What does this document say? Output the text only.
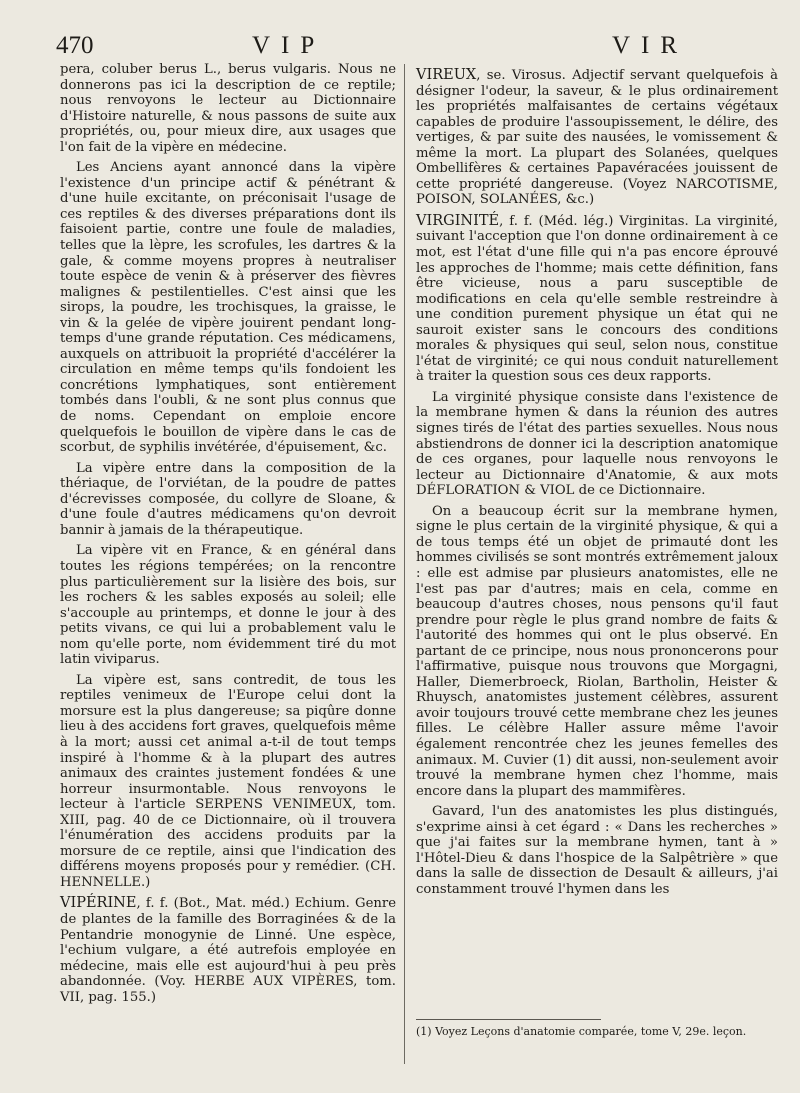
470	VIP	VIR

pera, coluber berus L., berus vulgaris. Nous ne donnerons pas ici la description de ce reptile; nous renvoyons le lecteur au Dictionnaire d'Histoire naturelle, & nous passons de suite aux propriétés, ou, pour mieux dire, aux usages que l'on fait de la vipère en médecine.

Les Anciens ayant annoncé dans la vipère l'existence d'un principe actif & pénétrant & d'une huile excitante, on préconisait l'usage de ces reptiles & des diverses préparations dont ils faisoient partie, contre une foule de maladies, telles que la lèpre, les scrofules, les dartres & la gale, & comme moyens propres à neutraliser toute espèce de venin & à préserver des fièvres malignes & pestilentielles. C'est ainsi que les sirops, la poudre, les trochisques, la graisse, le vin & la gelée de vipère jouirent pendant long-temps d'une grande réputation. Ces médicamens, auxquels on attribuoit la propriété d'accélérer la circulation en même temps qu'ils fondoient les concrétions lymphatiques, sont entièrement tombés dans l'oubli, & ne sont plus connus que de noms. Cependant on emploie encore quelquefois le bouillon de vipère dans le cas de scorbut, de syphilis invétérée, d'épuisement, &c.

La vipère entre dans la composition de la thériaque, de l'orviétan, de la poudre de pattes d'écrevisses composée, du collyre de Sloane, & d'une foule d'autres médicamens qu'on devroit bannir à jamais de la thérapeutique.

La vipère vit en France, & en général dans toutes les régions tempérées; on la rencontre plus particulièrement sur la lisière des bois, sur les rochers & les sables exposés au soleil; elle s'accouple au printemps, et donne le jour à des petits vivans, ce qui lui a probablement valu le nom qu'elle porte, nom évidemment tiré du mot latin viviparus.

La vipère est, sans contredit, de tous les reptiles venimeux de l'Europe celui dont la morsure est la plus dangereuse; sa piqûre donne lieu à des accidens fort graves, quelquefois même à la mort; aussi cet animal a-t-il de tout temps inspiré à l'homme & à la plupart des autres animaux des craintes justement fondées & une horreur insurmontable. Nous renvoyons le lecteur à l'article SERPENS VENIMEUX, tom. XIII, pag. 40 de ce Dictionnaire, où il trouvera l'énumération des accidens produits par la morsure de ce reptile, ainsi que l'indication des différens moyens proposés pour y remédier. (CH. HENNELLE.)

VIPÉRINE, f. f. (Bot., Mat. méd.) Echium. Genre de plantes de la famille des Borraginées & de la Pentandrie monogynie de Linné. Une espèce, l'echium vulgare, a été autrefois employée en médecine, mais elle est aujourd'hui à peu près abandonnée. (Voy. HERBE AUX VIPÈRES, tom. VII, pag. 155.)

VIREUX, se. Virosus. Adjectif servant quelquefois à désigner l'odeur, la saveur, & le plus ordinairement les propriétés malfaisantes de certains végétaux capables de produire l'assoupissement, le délire, des vertiges, & par suite des nausées, le vomissement & même la mort. La plupart des Solanées, quelques Ombellifères & certaines Papavéracées jouissent de cette propriété dangereuse. (Voyez NARCOTISME, POISON, SOLANÉES, &c.)

VIRGINITÉ, f. f. (Méd. lég.) Virginitas. La virginité, suivant l'acception que l'on donne ordinairement à ce mot, est l'état d'une fille qui n'a pas encore éprouvé les approches de l'homme; mais cette définition, fans être vicieuse, nous a paru susceptible de modifications en cela qu'elle semble restreindre à une condition purement physique un état qui ne sauroit exister sans le concours des conditions morales & physiques qui seul, selon nous, constitue l'état de virginité; ce qui nous conduit naturellement à traiter la question sous ces deux rapports.

La virginité physique consiste dans l'existence de la membrane hymen & dans la réunion des autres signes tirés de l'état des parties sexuelles. Nous nous abstiendrons de donner ici la description anatomique de ces organes, pour laquelle nous renvoyons le lecteur au Dictionnaire d'Anatomie, & aux mots DÉFLORATION & VIOL de ce Dictionnaire.

On a beaucoup écrit sur la membrane hymen, signe le plus certain de la virginité physique, & qui a de tous temps été un objet de primauté dont les hommes civilisés se sont montrés extrêmement jaloux : elle est admise par plusieurs anatomistes, elle ne l'est pas par d'autres; mais en cela, comme en beaucoup d'autres choses, nous pensons qu'il faut prendre pour règle le plus grand nombre de faits & l'autorité des hommes qui ont le plus observé. En partant de ce principe, nous nous prononcerons pour l'affirmative, puisque nous trouvons que Morgagni, Haller, Diemerbroeck, Riolan, Bartholin, Heister & Rhuysch, anatomistes justement célèbres, assurent avoir toujours trouvé cette membrane chez les jeunes filles. Le célèbre Haller assure même l'avoir également rencontrée chez les jeunes femelles des animaux. M. Cuvier (1) dit aussi, non-seulement avoir trouvé la membrane hymen chez l'homme, mais encore dans la plupart des mammifères.

Gavard, l'un des anatomistes les plus distingués, s'exprime ainsi à cet égard : « Dans les recherches » que j'ai faites sur la membrane hymen, tant à » l'Hôtel-Dieu & dans l'hospice de la Salpêtrière » que dans la salle de dissection de Desault & ailleurs, j'ai constamment trouvé l'hymen dans les

(1) Voyez Leçons d'anatomie comparée, tome V, 29e. leçon.
